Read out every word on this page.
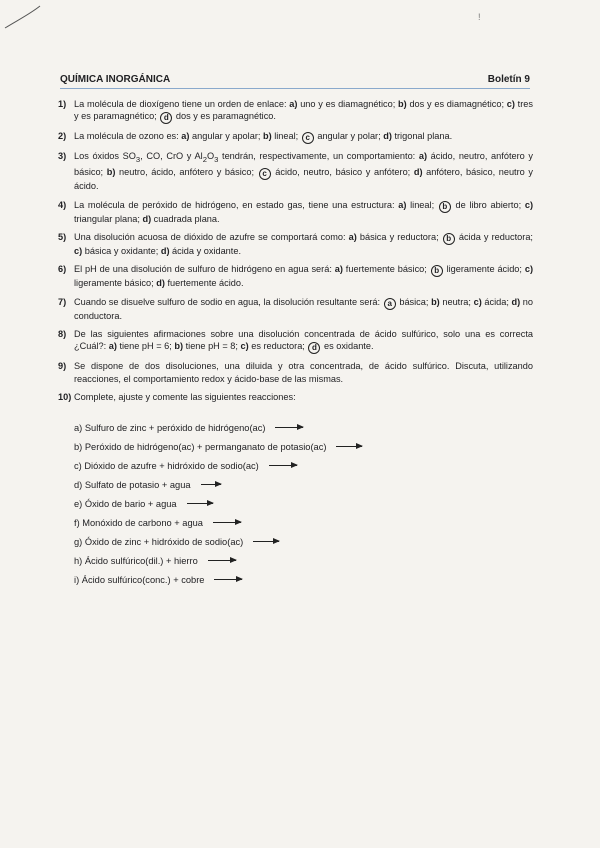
!
QUÍMICA INORGÁNICA	Boletín 9
1) La molécula de dioxígeno tiene un orden de enlace: a) uno y es diamagnético; b) dos y es diamagnético; c) tres y es paramagnético; d dos y es paramagnético.
2) La molécula de ozono es: a) angular y apolar; b) lineal; c angular y polar; d) trigonal plana.
3) Los óxidos $SO_3$, CO, CrO y $Al_2O_3$ tendrán, respectivamente, un comportamiento: a) ácido, neutro, anfótero y básico; b) neutro, ácido, anfótero y básico; c ácido, neutro, básico y anfótero; d) anfótero, básico, neutro y ácido.
4) La molécula de peróxido de hidrógeno, en estado gas, tiene una estructura: a) lineal; b de libro abierto; c) triangular plana; d) cuadrada plana.
5) Una disolución acuosa de dióxido de azufre se comportará como: a) básica y reductora; b ácida y reductora; c) básica y oxidante; d) ácida y oxidante.
6) El pH de una disolución de sulfuro de hidrógeno en agua será: a) fuertemente básico; b ligeramente ácido; c) ligeramente básico; d) fuertemente ácido.
7) Cuando se disuelve sulfuro de sodio en agua, la disolución resultante será: a básica; b) neutra; c) ácida; d) no conductora.
8) De las siguientes afirmaciones sobre una disolución concentrada de ácido sulfúrico, solo una es correcta ¿Cuál?: a) tiene pH = 6; b) tiene pH = 8; c) es reductora; d es oxidante.
9) Se dispone de dos disoluciones, una diluida y otra concentrada, de ácido sulfúrico. Discuta, utilizando reacciones, el comportamiento redox y ácido-base de las mismas.
10) Complete, ajuste y comente las siguientes reacciones:
a) Sulfuro de zinc + peróxido de hidrógeno(ac) →
b) Peróxido de hidrógeno(ac) + permanganato de potasio(ac) →
c) Dióxido de azufre + hidróxido de sodio(ac) →
d) Sulfato de potasio + agua →
e) Óxido de bario + agua →
f) Monóxido de carbono + agua →
g) Óxido de zinc + hidróxido de sodio(ac) →
h) Ácido sulfúrico(dil.) + hierro →
i) Ácido sulfúrico(conc.) + cobre →
